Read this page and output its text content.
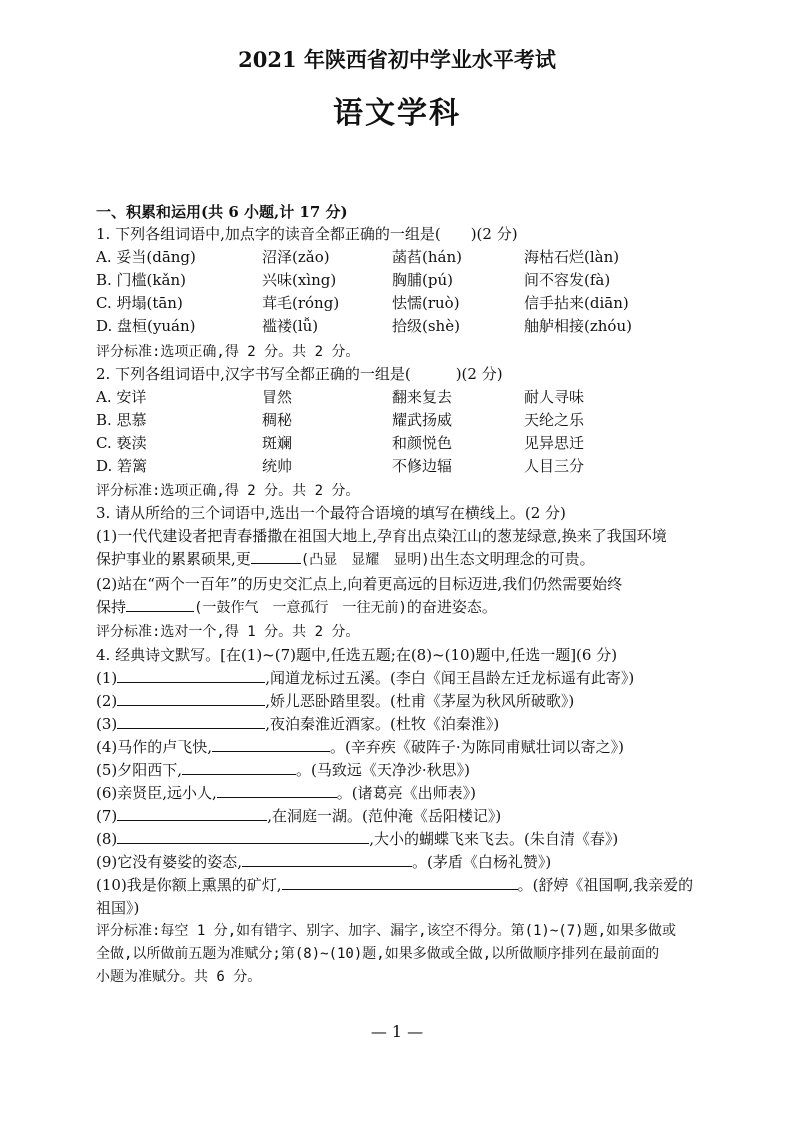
2021 年陕西省初中学业水平考试
语文学科
一、积累和运用(共 6 小题,计 17 分)
1. 下列各组词语中,加点字的读音全都正确的一组是(　　)(2 分)
A. 妥当(dāng)	沼泽(zǎo)	菡萏(hán)	海枯石烂(làn)
B. 门槛(kǎn)	兴味(xìng)	胸脯(pú)	间不容发(fà)
C. 坍塌(tān)	茸毛(róng)	怯懦(ruò)	信手拈来(diān)
D. 盘桓(yuán)	褴褛(lǚ)	拾级(shè)	舳舻相接(zhóu)
评分标准:选项正确,得 2 分。共 2 分。
2. 下列各组词语中,汉字书写全都正确的一组是(　　　)(2 分)
A. 安详	冒然	翻来复去	耐人寻味
B. 思慕	稠秘	耀武扬威	天纶之乐
C. 亵渎	斑斓	和颜悦色	见异思迁
D. 箬篱	统帅	不修边辐	人目三分
评分标准:选项正确,得 2 分。共 2 分。
3. 请从所给的三个词语中,选出一个最符合语境的填写在横线上。(2 分)
(1)一代代建设者把青春播撒在祖国大地上,孕育出点染江山的葱茏绿意,换来了我国环境
保护事业的累累硕果,更	(凸显　显耀　显明)出生态文明理念的可贵。
(2)站在“两个一百年”的历史交汇点上,向着更高远的目标迈进,我们仍然需要始终
保持	(一鼓作气　一意孤行　一往无前)的奋进姿态。
评分标准:选对一个,得 1 分。共 2 分。
4. 经典诗文默写。[在(1)~(7)题中,任选五题;在(8)~(10)题中,任选一题](6 分)
(1)	,闻道龙标过五溪。(李白《闻王昌龄左迁龙标遥有此寄》)
(2)	,娇儿恶卧踏里裂。(杜甫《茅屋为秋风所破歌》)
(3)	,夜泊秦淮近酒家。(杜牧《泊秦淮》)
(4)马作的卢飞快,	。(辛弃疾《破阵子·为陈同甫赋壮词以寄之》)
(5)夕阳西下,	。(马致远《天净沙·秋思》)
(6)亲贤臣,远小人,	。(诸葛亮《出师表》)
(7)	,在洞庭一湖。(范仲淹《岳阳楼记》)
(8)	,大小的蝴蝶飞来飞去。(朱自清《春》)
(9)它没有婆娑的姿态,	。(茅盾《白杨礼赞》)
(10)我是你额上熏黑的矿灯,	。(舒婷《祖国啊,我亲爱的
祖国》)
评分标准:每空 1 分,如有错字、别字、加字、漏字,该空不得分。第(1)~(7)题,如果多做或
全做,以所做前五题为准赋分;第(8)~(10)题,如果多做或全做,以所做顺序排列在最前面的
小题为准赋分。共 6 分。
— 1 —
